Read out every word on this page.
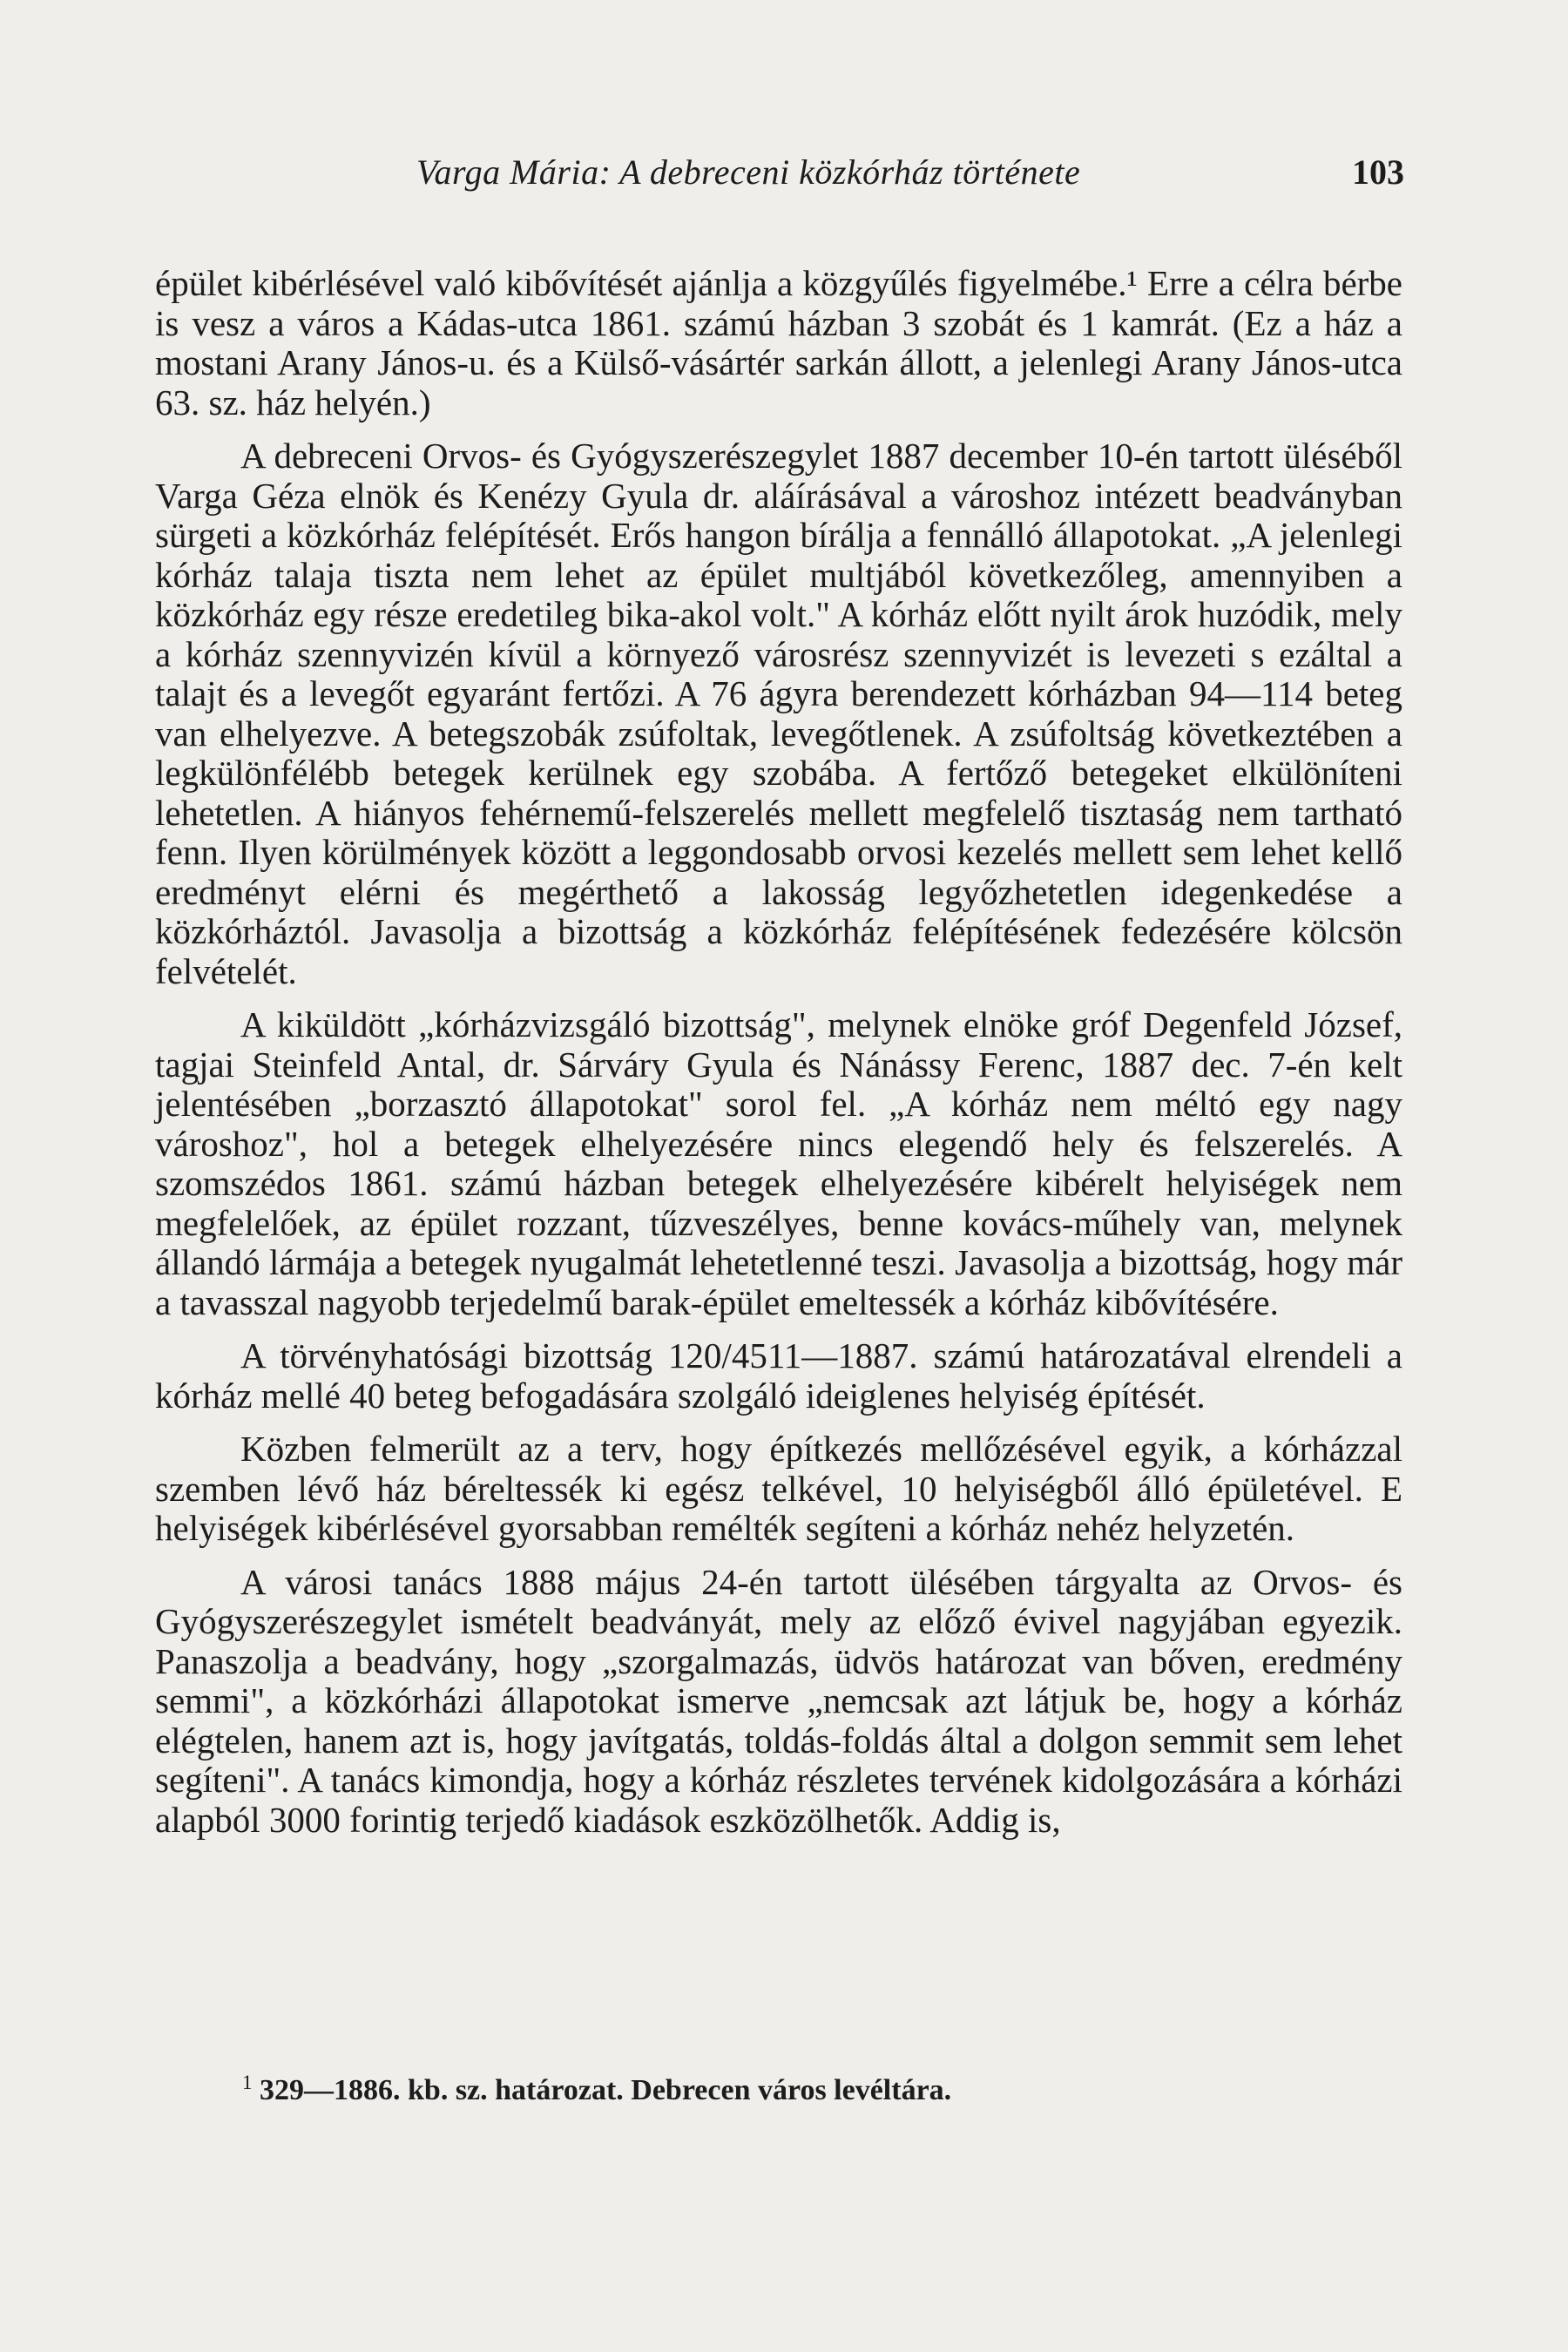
Varga Mária: A debreceni közkórház története	103

épület kibérlésével való kibővítését ajánlja a közgyűlés figyelmébe.¹ Erre a célra bérbe is vesz a város a Kádas-utca 1861. számú házban 3 szobát és 1 kamrát. (Ez a ház a mostani Arany János-u. és a Külső-vásártér sarkán állott, a jelenlegi Arany János-utca 63. sz. ház helyén.)

A debreceni Orvos- és Gyógyszerészegylet 1887 december 10-én tartott üléséből Varga Géza elnök és Kenézy Gyula dr. aláírásával a városhoz intézett beadványban sürgeti a közkórház felépítését. Erős hangon bírálja a fennálló állapotokat. „A jelenlegi kórház talaja tiszta nem lehet az épület multjából következőleg, amennyiben a közkórház egy része eredetileg bika-akol volt." A kórház előtt nyilt árok huzódik, mely a kórház szennyvizén kívül a környező városrész szennyvizét is levezeti s ezáltal a talajt és a levegőt egyaránt fertőzi. A 76 ágyra berendezett kórházban 94—114 beteg van elhelyezve. A betegszobák zsúfoltak, levegőtlenek. A zsúfoltság következtében a legkülönfélébb betegek kerülnek egy szobába. A fertőző betegeket elkülöníteni lehetetlen. A hiányos fehérnemű-felszerelés mellett megfelelő tisztaság nem tartható fenn. Ilyen körülmények között a leggondosabb orvosi kezelés mellett sem lehet kellő eredményt elérni és megérthető a lakosság legyőzhetetlen idegenkedése a közkórháztól. Javasolja a bizottság a közkórház felépítésének fedezésére kölcsön felvételét.

A kiküldött „kórházvizsgáló bizottság", melynek elnöke gróf Degenfeld József, tagjai Steinfeld Antal, dr. Sárváry Gyula és Nánássy Ferenc, 1887 dec. 7-én kelt jelentésében „borzasztó állapotokat" sorol fel. „A kórház nem méltó egy nagy városhoz", hol a betegek elhelyezésére nincs elegendő hely és felszerelés. A szomszédos 1861. számú házban betegek elhelyezésére kibérelt helyiségek nem megfelelőek, az épület rozzant, tűzveszélyes, benne kovács-műhely van, melynek állandó lármája a betegek nyugalmát lehetetlenné teszi. Javasolja a bizottság, hogy már a tavasszal nagyobb terjedelmű barak-épület emeltessék a kórház kibővítésére.

A törvényhatósági bizottság 120/4511—1887. számú határozatával elrendeli a kórház mellé 40 beteg befogadására szolgáló ideiglenes helyiség építését.

Közben felmerült az a terv, hogy építkezés mellőzésével egyik, a kórházzal szemben lévő ház béreltessék ki egész telkével, 10 helyiségből álló épületével. E helyiségek kibérlésével gyorsabban remélték segíteni a kórház nehéz helyzetén.

A városi tanács 1888 május 24-én tartott ülésében tárgyalta az Orvos- és Gyógyszerészegylet ismételt beadványát, mely az előző évivel nagyjában egyezik. Panaszolja a beadvány, hogy „szorgalmazás, üdvös határozat van bőven, eredmény semmi", a közkórházi állapotokat ismerve „nemcsak azt látjuk be, hogy a kórház elégtelen, hanem azt is, hogy javítgatás, toldás-foldás által a dolgon semmit sem lehet segíteni". A tanács kimondja, hogy a kórház részletes tervének kidolgozására a kórházi alapból 3000 forintig terjedő kiadások eszközölhetők. Addig is,

$^1$ 329—1886. kb. sz. határozat. Debrecen város levéltára.
